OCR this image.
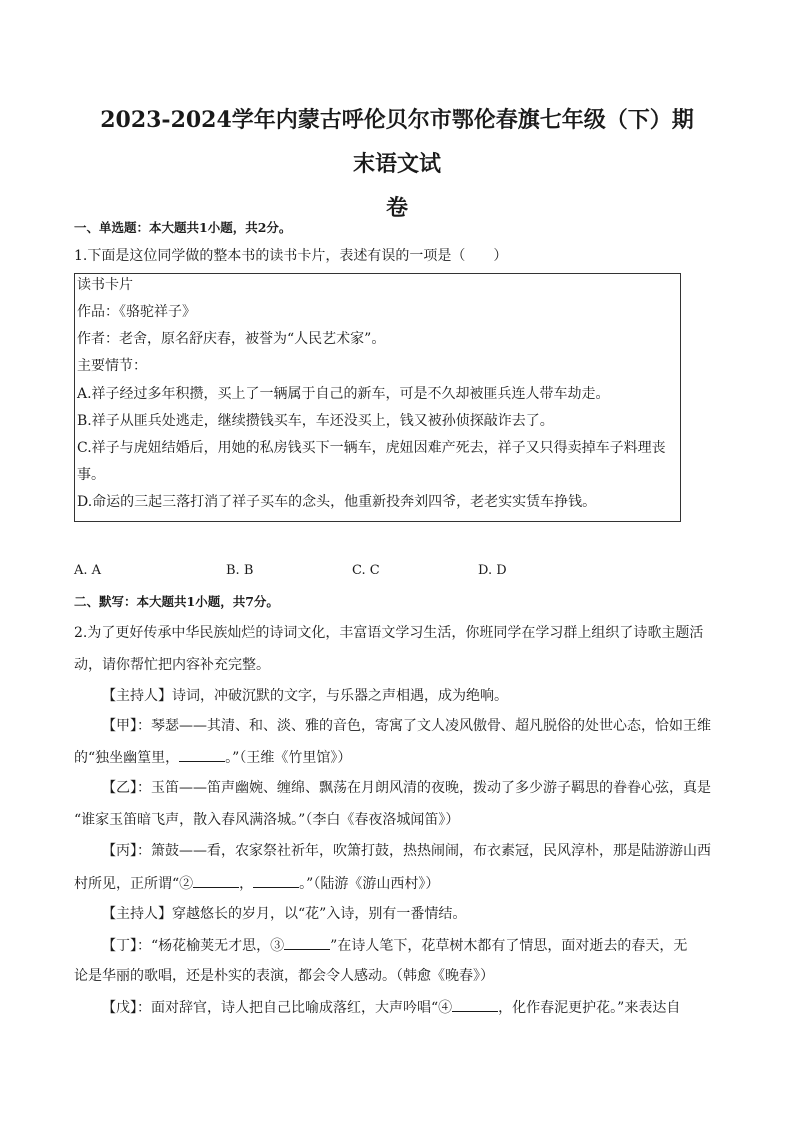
2023-2024学年内蒙古呼伦贝尔市鄂伦春旗七年级（下）期末语文试
卷
一、单选题：本大题共1小题，共2分。
1.下面是这位同学做的整本书的读书卡片，表述有误的一项是（　　）
读书卡片
作品：《骆驼祥子》
作者：老舍，原名舒庆春，被誉为“人民艺术家”。
主要情节：
A.祥子经过多年积攒，买上了一辆属于自己的新车，可是不久却被匪兵连人带车劫走。
B.祥子从匪兵处逃走，继续攒钱买车，车还没买上，钱又被孙侦探敲诈去了。
C.祥子与虎妞结婚后，用她的私房钱买下一辆车，虎妞因难产死去，祥子又只得卖掉车子料理丧
事。
D.命运的三起三落打消了祥子买车的念头，他重新投奔刘四爷，老老实实赁车挣钱。
A. A	B. B	C. C	D. D
二、默写：本大题共1小题，共7分。
2.为了更好传承中华民族灿烂的诗词文化，丰富语文学习生活，你班同学在学习群上组织了诗歌主题活
动，请你帮忙把内容补充完整。
【主持人】诗词，冲破沉默的文字，与乐器之声相遇，成为绝响。
【甲】：琴瑟——其清、和、淡、雅的音色，寄寓了文人凌风傲骨、超凡脱俗的处世心态，恰如王维
的“独坐幽篁里，	。”（王维《竹里馆》）
【乙】：玉笛——笛声幽婉、缠绵、飘荡在月朗风清的夜晚，拨动了多少游子羁思的眷眷心弦，真是
“谁家玉笛暗飞声，散入春风满洛城。”（李白《春夜洛城闻笛》）
【丙】：箫鼓——看，农家祭社祈年，吹箫打鼓，热热闹闹，布衣素冠，民风淳朴，那是陆游游山西
村所见，正所谓“②	，	。”（陆游《游山西村》）
【主持人】穿越悠长的岁月，以“花”入诗，别有一番情结。
【丁】：“杨花榆荚无才思，③	”在诗人笔下，花草树木都有了情思，面对逝去的春天，无
论是华丽的歌唱，还是朴实的表演，都会令人感动。（韩愈《晚春》）
【戊】：面对辞官，诗人把自己比喻成落红，大声吟唱“④	，化作春泥更护花。”来表达自
